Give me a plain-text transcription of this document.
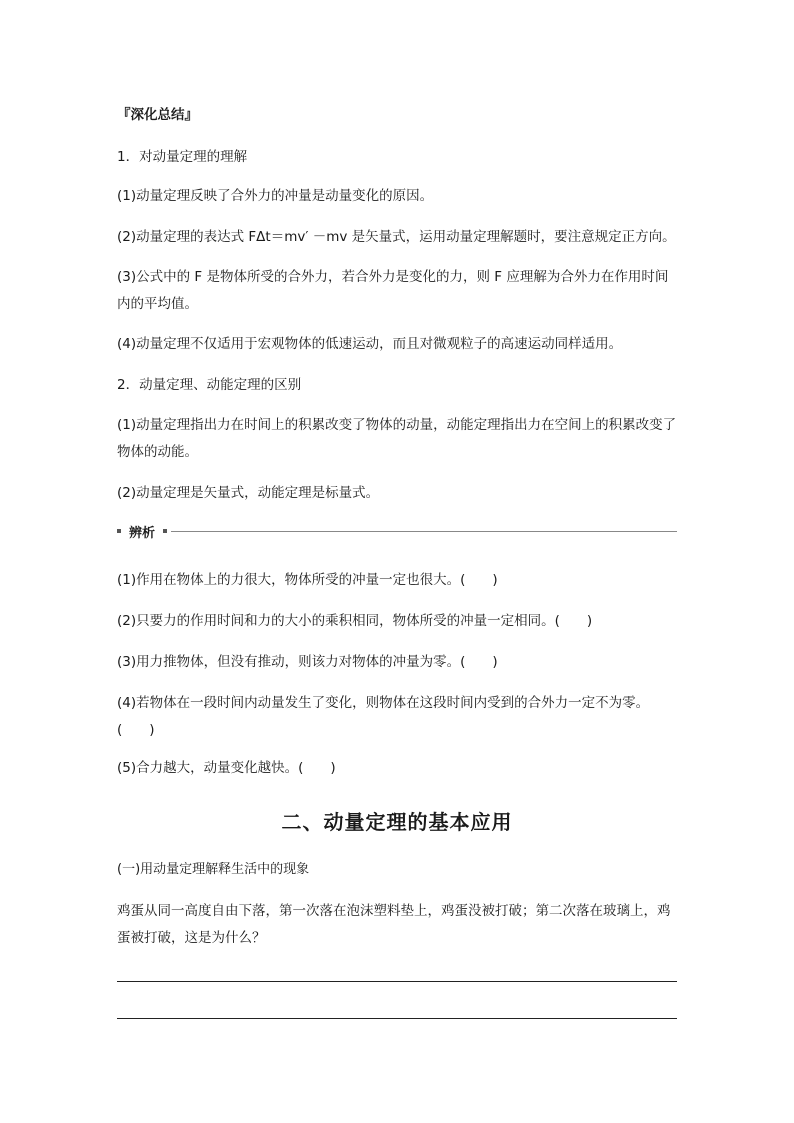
『深化总结』
1．对动量定理的理解
(1)动量定理反映了合外力的冲量是动量变化的原因。
(2)动量定理的表达式 FΔt＝mv′ －mv 是矢量式，运用动量定理解题时，要注意规定正方向。
(3)公式中的 F 是物体所受的合外力，若合外力是变化的力，则 F 应理解为合外力在作用时间内的平均值。
(4)动量定理不仅适用于宏观物体的低速运动，而且对微观粒子的高速运动同样适用。
2．动量定理、动能定理的区别
(1)动量定理指出力在时间上的积累改变了物体的动量，动能定理指出力在空间上的积累改变了物体的动能。
(2)动量定理是矢量式，动能定理是标量式。
辨析
(1)作用在物体上的力很大，物体所受的冲量一定也很大。(　　)
(2)只要力的作用时间和力的大小的乘积相同，物体所受的冲量一定相同。(　　)
(3)用力推物体，但没有推动，则该力对物体的冲量为零。(　　)
(4)若物体在一段时间内动量发生了变化，则物体在这段时间内受到的合外力一定不为零。(　　)
(5)合力越大，动量变化越快。(　　)
二、动量定理的基本应用
(一)用动量定理解释生活中的现象
鸡蛋从同一高度自由下落，第一次落在泡沫塑料垫上，鸡蛋没被打破；第二次落在玻璃上，鸡蛋被打破，这是为什么？
